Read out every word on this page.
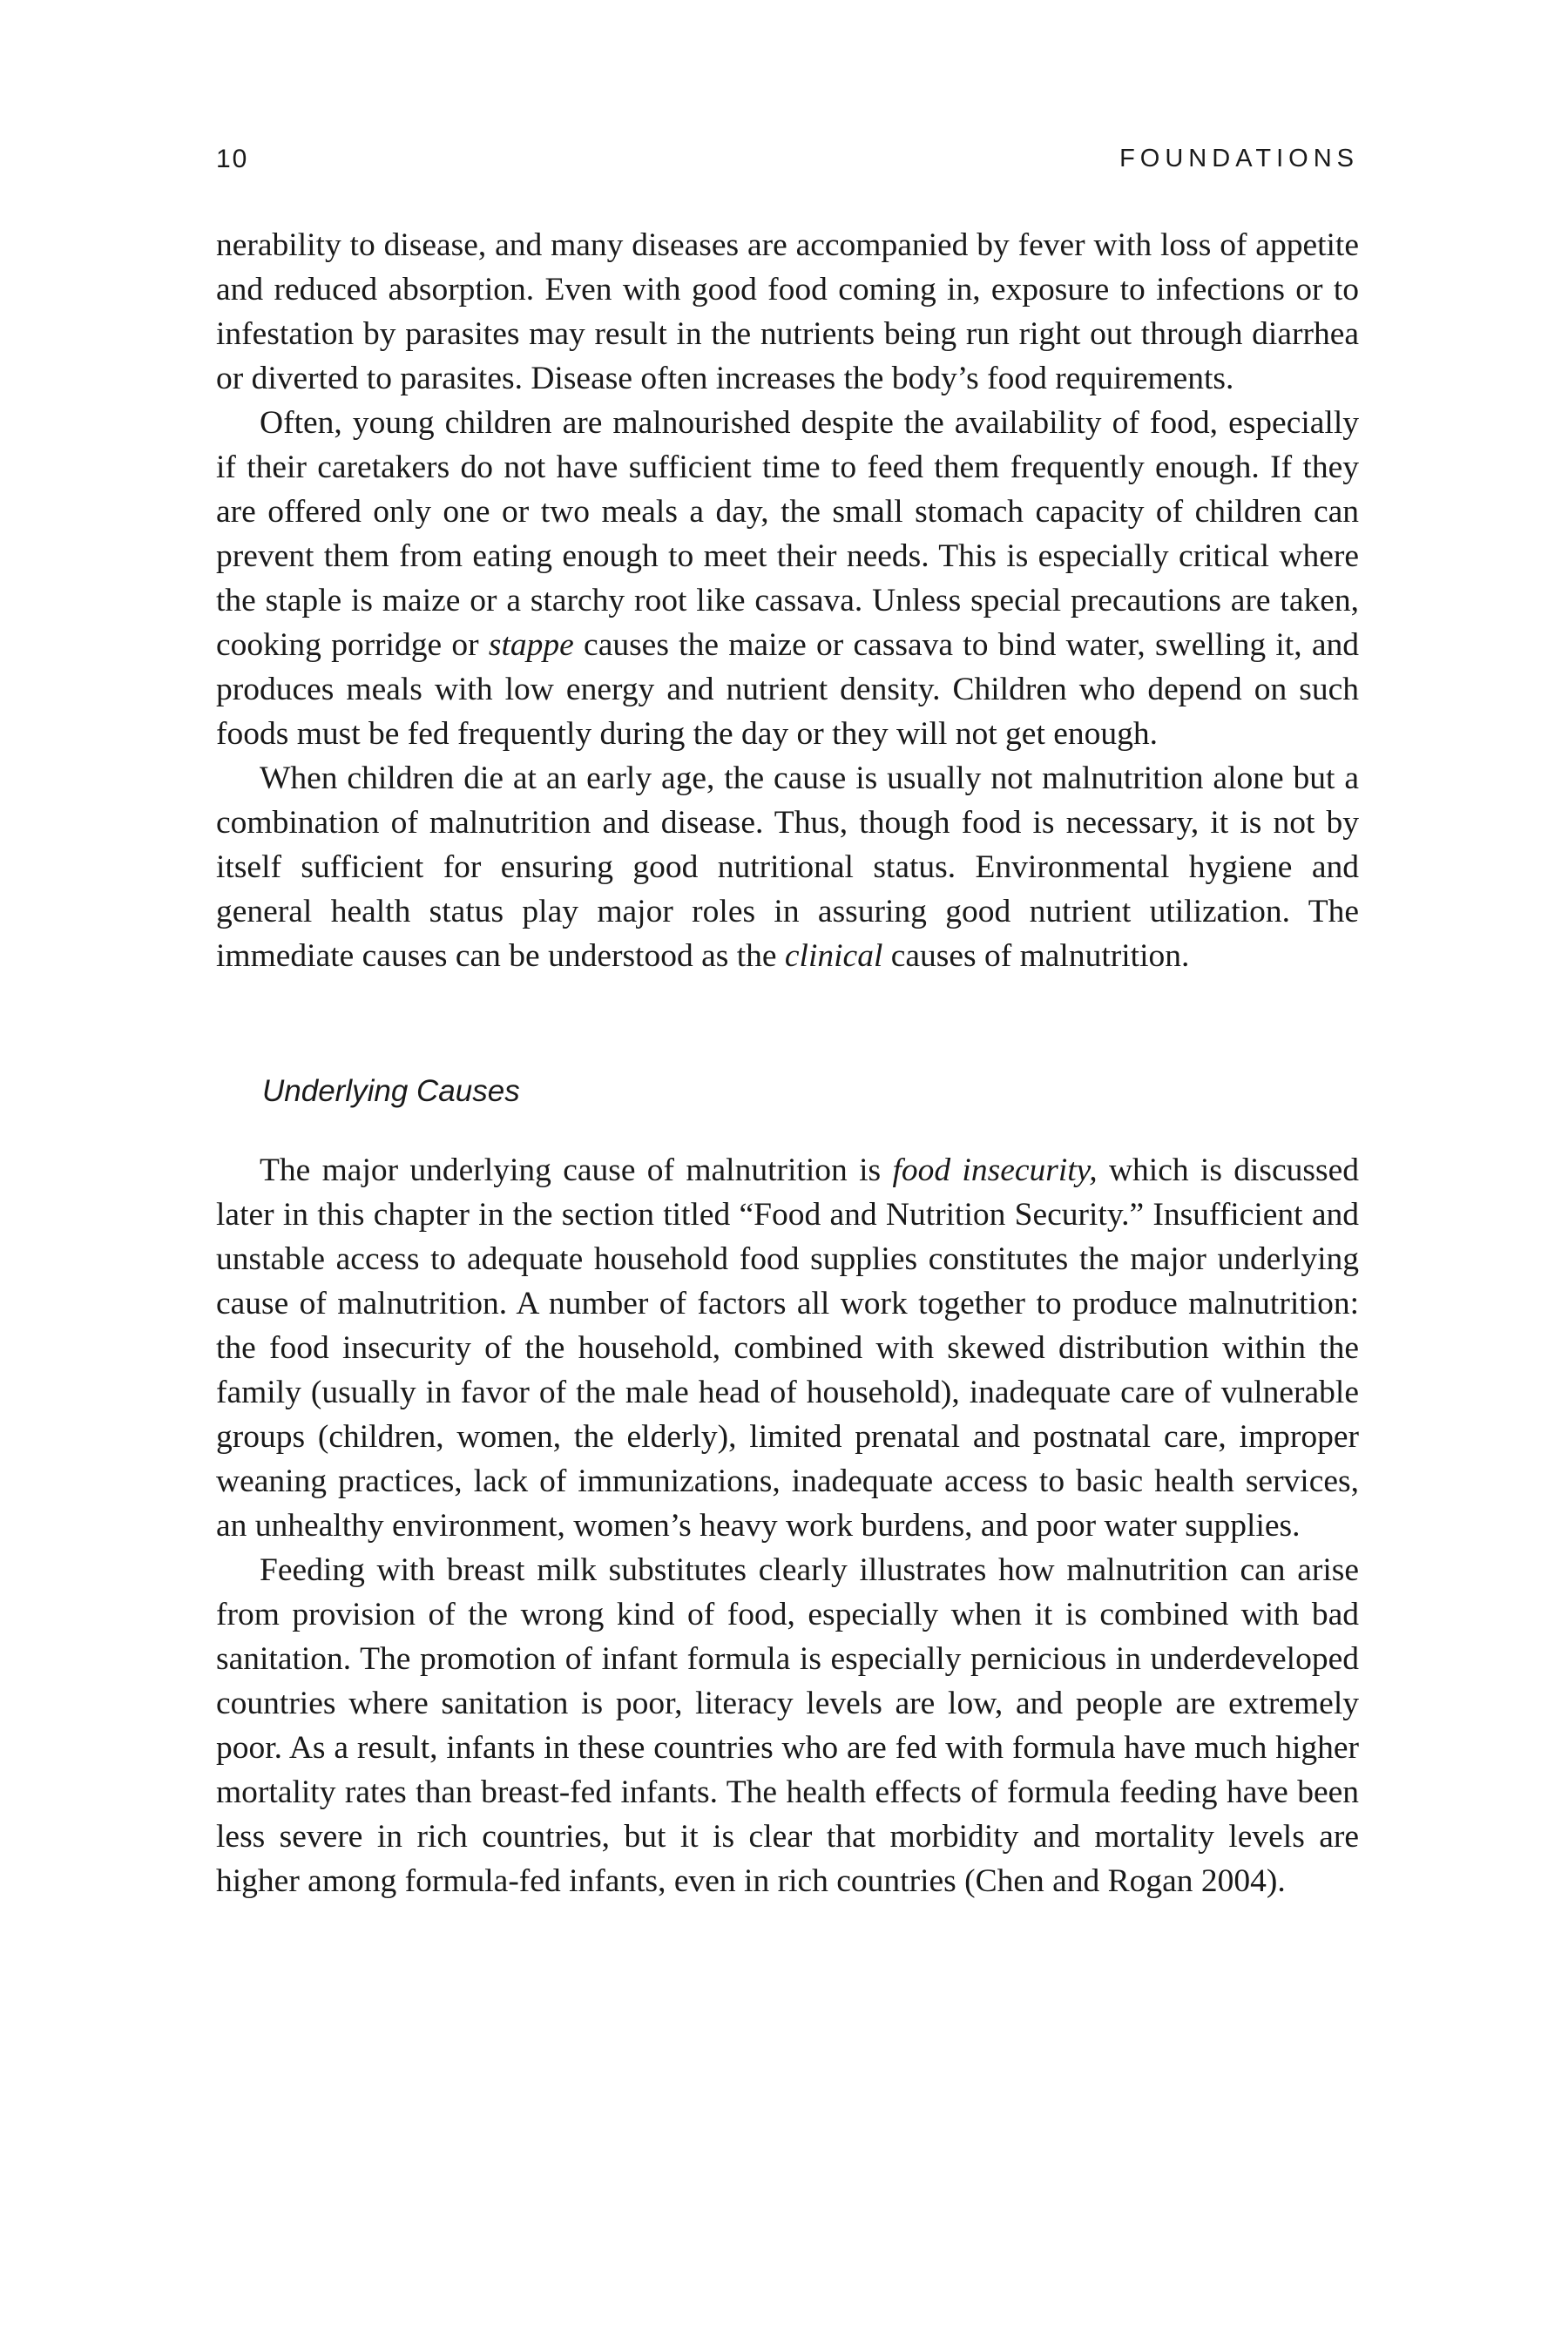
10	FOUNDATIONS

nerability to disease, and many diseases are accompanied by fever with loss of appetite and reduced absorption. Even with good food coming in, exposure to infections or to infestation by parasites may result in the nutrients being run right out through diarrhea or diverted to parasites. Disease often increases the body’s food requirements.

Often, young children are malnourished despite the availability of food, especially if their caretakers do not have sufficient time to feed them frequently enough. If they are offered only one or two meals a day, the small stomach capacity of children can prevent them from eating enough to meet their needs. This is especially critical where the staple is maize or a starchy root like cassava. Unless special precautions are taken, cooking porridge or stappe causes the maize or cassava to bind water, swelling it, and produces meals with low energy and nutrient density. Children who depend on such foods must be fed frequently during the day or they will not get enough.

When children die at an early age, the cause is usually not malnutrition alone but a combination of malnutrition and disease. Thus, though food is necessary, it is not by itself sufficient for ensuring good nutritional status. Environmental hygiene and general health status play major roles in assuring good nutrient utilization. The immediate causes can be understood as the clinical causes of malnutrition.

Underlying Causes

The major underlying cause of malnutrition is food insecurity, which is discussed later in this chapter in the section titled “Food and Nutrition Security.” Insufficient and unstable access to adequate household food supplies constitutes the major underlying cause of malnutrition. A number of factors all work together to produce malnutrition: the food insecurity of the household, combined with skewed distribution within the family (usually in favor of the male head of household), inadequate care of vulnerable groups (children, women, the elderly), limited prenatal and postnatal care, improper weaning practices, lack of immunizations, inadequate access to basic health services, an unhealthy environment, women’s heavy work burdens, and poor water supplies.

Feeding with breast milk substitutes clearly illustrates how malnutrition can arise from provision of the wrong kind of food, especially when it is combined with bad sanitation. The promotion of infant formula is especially pernicious in underdeveloped countries where sanitation is poor, literacy levels are low, and people are extremely poor. As a result, infants in these countries who are fed with formula have much higher mortality rates than breast-fed infants. The health effects of formula feeding have been less severe in rich countries, but it is clear that morbidity and mortality levels are higher among formula-fed infants, even in rich countries (Chen and Rogan 2004).
